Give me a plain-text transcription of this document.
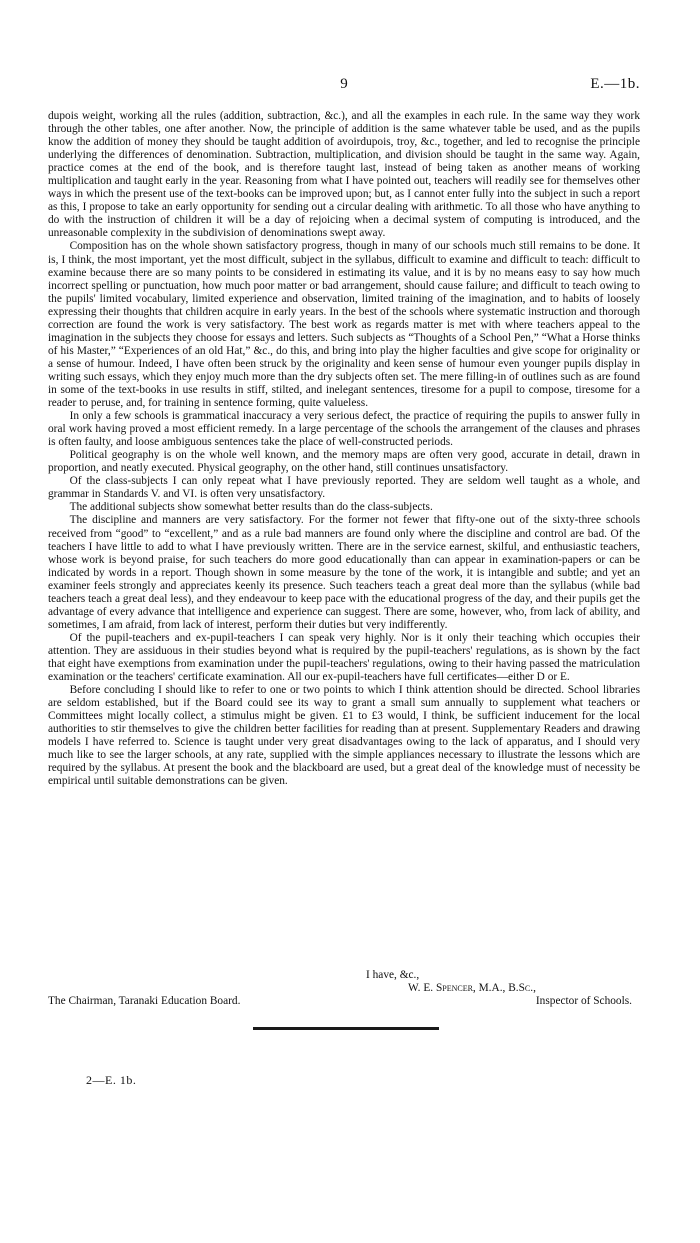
9	E.—1b.

dupois weight, working all the rules (addition, subtraction, &c.), and all the examples in each rule. In the same way they work through the other tables, one after another. Now, the principle of addition is the same whatever table be used, and as the pupils know the addition of money they should be taught addition of avoirdupois, troy, &c., together, and led to recognise the principle underlying the differences of denomination. Subtraction, multiplication, and division should be taught in the same way. Again, practice comes at the end of the book, and is therefore taught last, instead of being taken as another means of working multiplication and taught early in the year. Reasoning from what I have pointed out, teachers will readily see for themselves other ways in which the present use of the text-books can be improved upon; but, as I cannot enter fully into the subject in such a report as this, I propose to take an early opportunity for sending out a circular dealing with arithmetic. To all those who have anything to do with the instruction of children it will be a day of rejoicing when a decimal system of computing is introduced, and the unreasonable complexity in the subdivision of denominations swept away.

Composition has on the whole shown satisfactory progress, though in many of our schools much still remains to be done. It is, I think, the most important, yet the most difficult, subject in the syllabus, difficult to examine and difficult to teach: difficult to examine because there are so many points to be considered in estimating its value, and it is by no means easy to say how much incorrect spelling or punctuation, how much poor matter or bad arrangement, should cause failure; and difficult to teach owing to the pupils' limited vocabulary, limited experience and observation, limited training of the imagination, and to habits of loosely expressing their thoughts that children acquire in early years. In the best of the schools where systematic instruction and thorough correction are found the work is very satisfactory. The best work as regards matter is met with where teachers appeal to the imagination in the subjects they choose for essays and letters. Such subjects as “Thoughts of a School Pen,” “What a Horse thinks of his Master,” “Experiences of an old Hat,” &c., do this, and bring into play the higher faculties and give scope for originality or a sense of humour. Indeed, I have often been struck by the originality and keen sense of humour even younger pupils display in writing such essays, which they enjoy much more than the dry subjects often set. The mere filling-in of outlines such as are found in some of the text-books in use results in stiff, stilted, and inelegant sentences, tiresome for a pupil to compose, tiresome for a reader to peruse, and, for training in sentence forming, quite valueless.

In only a few schools is grammatical inaccuracy a very serious defect, the practice of requiring the pupils to answer fully in oral work having proved a most efficient remedy. In a large percentage of the schools the arrangement of the clauses and phrases is often faulty, and loose ambiguous sentences take the place of well-constructed periods.

Political geography is on the whole well known, and the memory maps are often very good, accurate in detail, drawn in proportion, and neatly executed. Physical geography, on the other hand, still continues unsatisfactory.

Of the class-subjects I can only repeat what I have previously reported. They are seldom well taught as a whole, and grammar in Standards V. and VI. is often very unsatisfactory.

The additional subjects show somewhat better results than do the class-subjects.

The discipline and manners are very satisfactory. For the former not fewer that fifty-one out of the sixty-three schools received from “good” to “excellent,” and as a rule bad manners are found only where the discipline and control are bad. Of the teachers I have little to add to what I have previously written. There are in the service earnest, skilful, and enthusiastic teachers, whose work is beyond praise, for such teachers do more good educationally than can appear in examination-papers or can be indicated by words in a report. Though shown in some measure by the tone of the work, it is intangible and subtle; and yet an examiner feels strongly and appreciates keenly its presence. Such teachers teach a great deal more than the syllabus (while bad teachers teach a great deal less), and they endeavour to keep pace with the educational progress of the day, and their pupils get the advantage of every advance that intelligence and experience can suggest. There are some, however, who, from lack of ability, and sometimes, I am afraid, from lack of interest, perform their duties but very indifferently.

Of the pupil-teachers and ex-pupil-teachers I can speak very highly. Nor is it only their teaching which occupies their attention. They are assiduous in their studies beyond what is required by the pupil-teachers' regulations, as is shown by the fact that eight have exemptions from examination under the pupil-teachers' regulations, owing to their having passed the matriculation examination or the teachers' certificate examination. All our ex-pupil-teachers have full certificates—either D or E.

Before concluding I should like to refer to one or two points to which I think attention should be directed. School libraries are seldom established, but if the Board could see its way to grant a small sum annually to supplement what teachers or Committees might locally collect, a stimulus might be given. £1 to £3 would, I think, be sufficient inducement for the local authorities to stir themselves to give the children better facilities for reading than at present. Supplementary Readers and drawing models I have referred to. Science is taught under very great disadvantages owing to the lack of apparatus, and I should very much like to see the larger schools, at any rate, supplied with the simple appliances necessary to illustrate the lessons which are required by the syllabus. At present the book and the blackboard are used, but a great deal of the knowledge must of necessity be empirical until suitable demonstrations can be given.

I have, &c.,
W. E. Spencer, M.A., B.Sc.,
The Chairman, Taranaki Education Board.	Inspector of Schools.
2—E. 1b.
